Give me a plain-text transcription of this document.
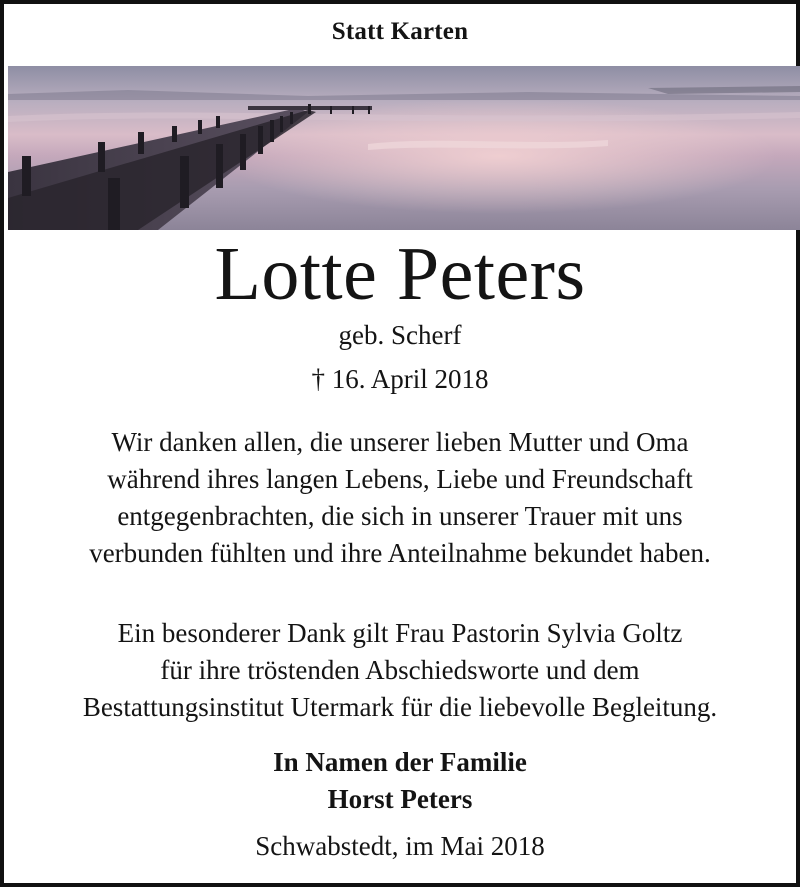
Statt Karten
Lotte Peters
geb. Scherf
† 16. April 2018
Wir danken allen, die unserer lieben Mutter und Oma
während ihres langen Lebens, Liebe und Freundschaft
entgegenbrachten, die sich in unserer Trauer mit uns
verbunden fühlten und ihre Anteilnahme bekundet haben.
Ein besonderer Dank gilt Frau Pastorin Sylvia Goltz
für ihre tröstenden Abschiedsworte und dem
Bestattungsinstitut Utermark für die liebevolle Begleitung.
In Namen der Familie
Horst Peters
Schwabstedt, im Mai 2018
